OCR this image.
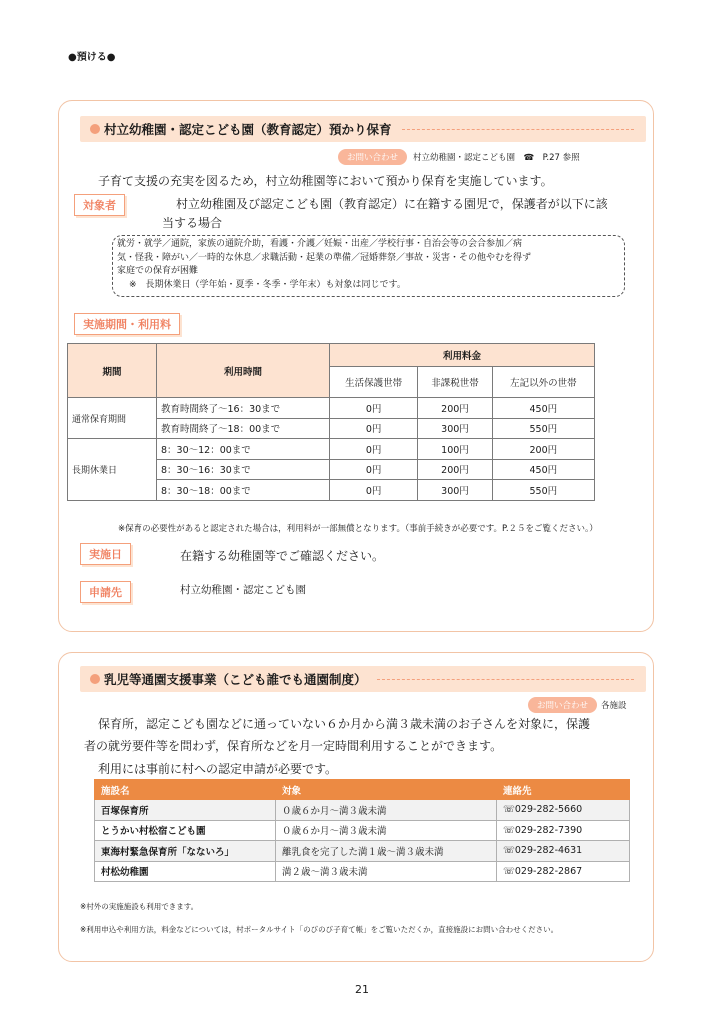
●預ける●
村立幼稚園・認定こども園（教育認定）預かり保育
お問い合わせ	村立幼稚園・認定こども園　☎　P.27 参照
子育て支援の充実を図るため，村立幼稚園等において預かり保育を実施しています。
対象者	村立幼稚園及び認定こども園（教育認定）に在籍する園児で，保護者が以下に該
当する場合
就労・就学／通院，家族の通院介助，看護・介護／妊娠・出産／学校行事・自治会等の会合参加／病
気・怪我・障がい／一時的な休息／求職活動・起業の準備／冠婚葬祭／事故・災害・その他やむを得ず
家庭での保育が困難
※　長期休業日（学年始・夏季・冬季・学年末）も対象は同じです。
実施期間・利用料
期間	利用時間	利用料金		
		生活保護世帯	非課税世帯	左記以外の世帯
通常保育期間	教育時間終了～16：30まで	0円	200円	450円
	教育時間終了～18：00まで	0円	300円	550円
長期休業日	8：30～12：00まで	0円	100円	200円
	8：30～16：30まで	0円	200円	450円
	8：30～18：00まで	0円	300円	550円
※保育の必要性があると認定された場合は，利用料が一部無償となります。（事前手続きが必要です。P.２５をご覧ください。）
実施日	在籍する幼稚園等でご確認ください。
申請先	村立幼稚園・認定こども園
乳児等通園支援事業（こども誰でも通園制度）
お問い合わせ	各施設
保育所，認定こども園などに通っていない６か月から満３歳未満のお子さんを対象に，保護
者の就労要件等を問わず，保育所などを月一定時間利用することができます。
利用には事前に村への認定申請が必要です。
施設名	対象	連絡先
百塚保育所	０歳６か月～満３歳未満	☏029-282-5660
とうかい村松宿こども園	０歳６か月～満３歳未満	☏029-282-7390
東海村緊急保育所「なないろ」	離乳食を完了した満１歳～満３歳未満	☏029-282-4631
村松幼稚園	満２歳～満３歳未満	☏029-282-2867
※村外の実施施設も利用できます。
※利用申込や利用方法，料金などについては，村ポータルサイト「のびのび子育て帳」をご覧いただくか，直接施設にお問い合わせください。
21
